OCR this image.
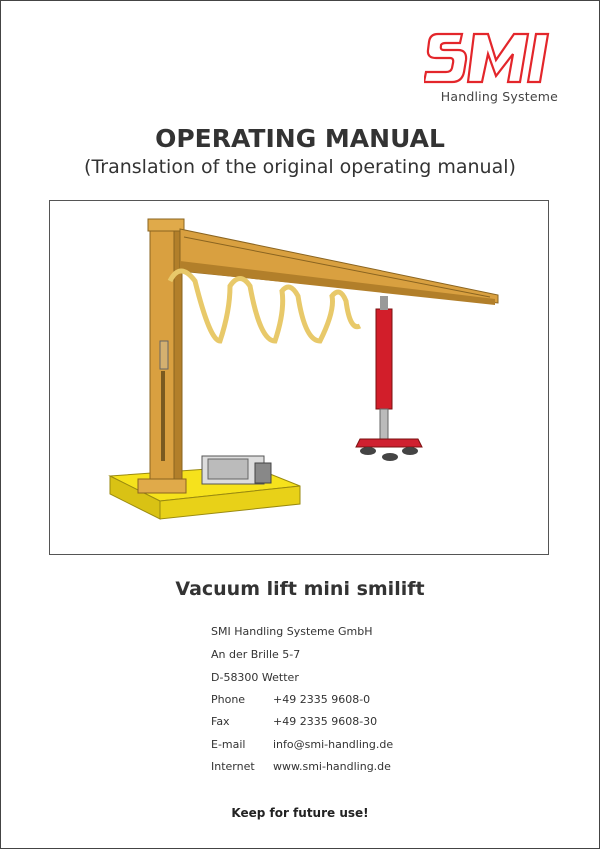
Handling Systeme
OPERATING MANUAL
(Translation of the original operating manual)
Vacuum lift mini smilift
SMI Handling Systeme GmbH
An der Brille 5-7
D-58300 Wetter
Phone	+49 2335 9608-0
Fax	+49 2335 9608-30
E-mail	info@smi-handling.de
Internet www.smi-handling.de
Keep for future use!
